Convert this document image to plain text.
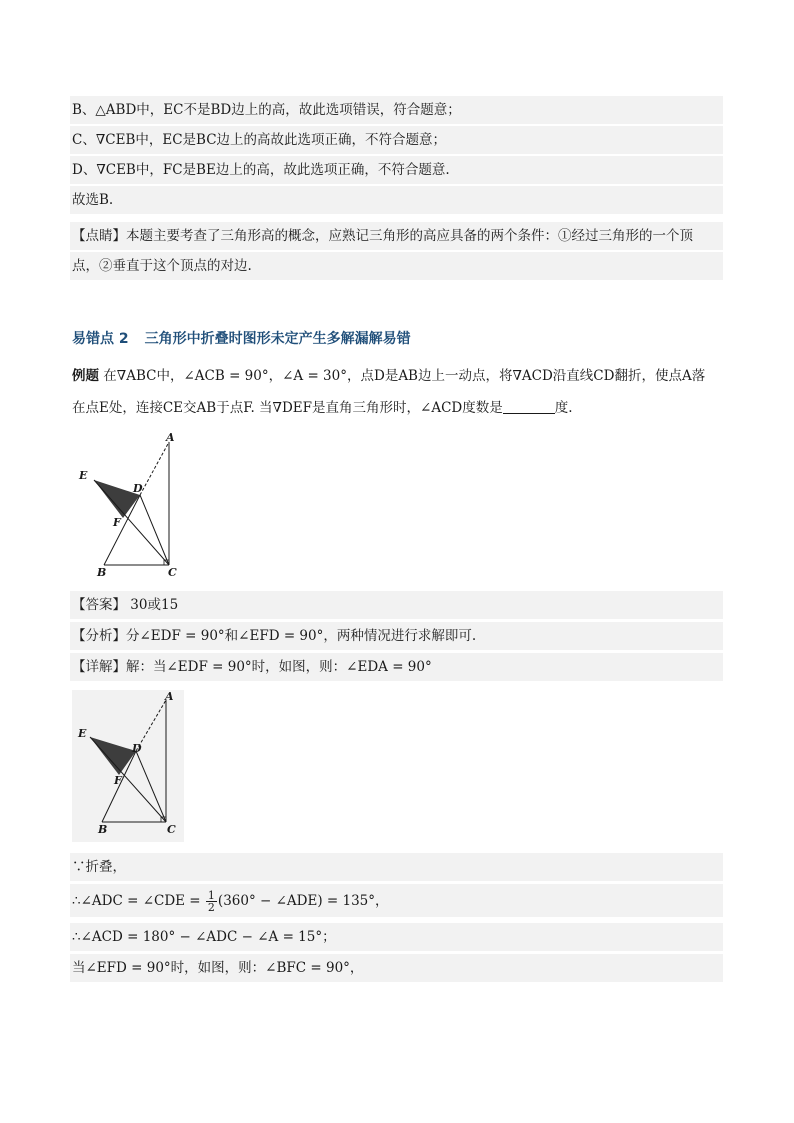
B、△ABD中，EC不是BD边上的高，故此选项错误，符合题意；
C、∇CEB中，EC是BC边上的高故此选项正确，不符合题意；
D、∇CEB中，FC是BE边上的高，故此选项正确，不符合题意.
故选B.
【点睛】本题主要考查了三角形高的概念，应熟记三角形的高应具备的两个条件：①经过三角形的一个顶
点，②垂直于这个顶点的对边.
易错点 2 三角形中折叠时图形未定产生多解漏解易错
例题 在∇ABC中，∠ACB = 90°，∠A = 30°，点D是AB边上一动点，将∇ACD沿直线CD翻折，使点A落
在点E处，连接CE交AB于点F. 当∇DEF是直角三角形时，∠ACD度数是	度.
A
E
D
F
B	C
【答案】 30或15
【分析】分∠EDF = 90°和∠EFD = 90°，两种情况进行求解即可.
【详解】解：当∠EDF = 90°时，如图，则：∠EDA = 90°
A
E
D
F
B	C
∵折叠，
∴∠ADC = ∠CDE = $\frac{1}{2} (360^\circ$ − ∠ADE) = 135°，
∴∠ACD = 180° − ∠ADC − ∠A = 15°；
当∠EFD = 90°时，如图，则：∠BFC = 90°，
